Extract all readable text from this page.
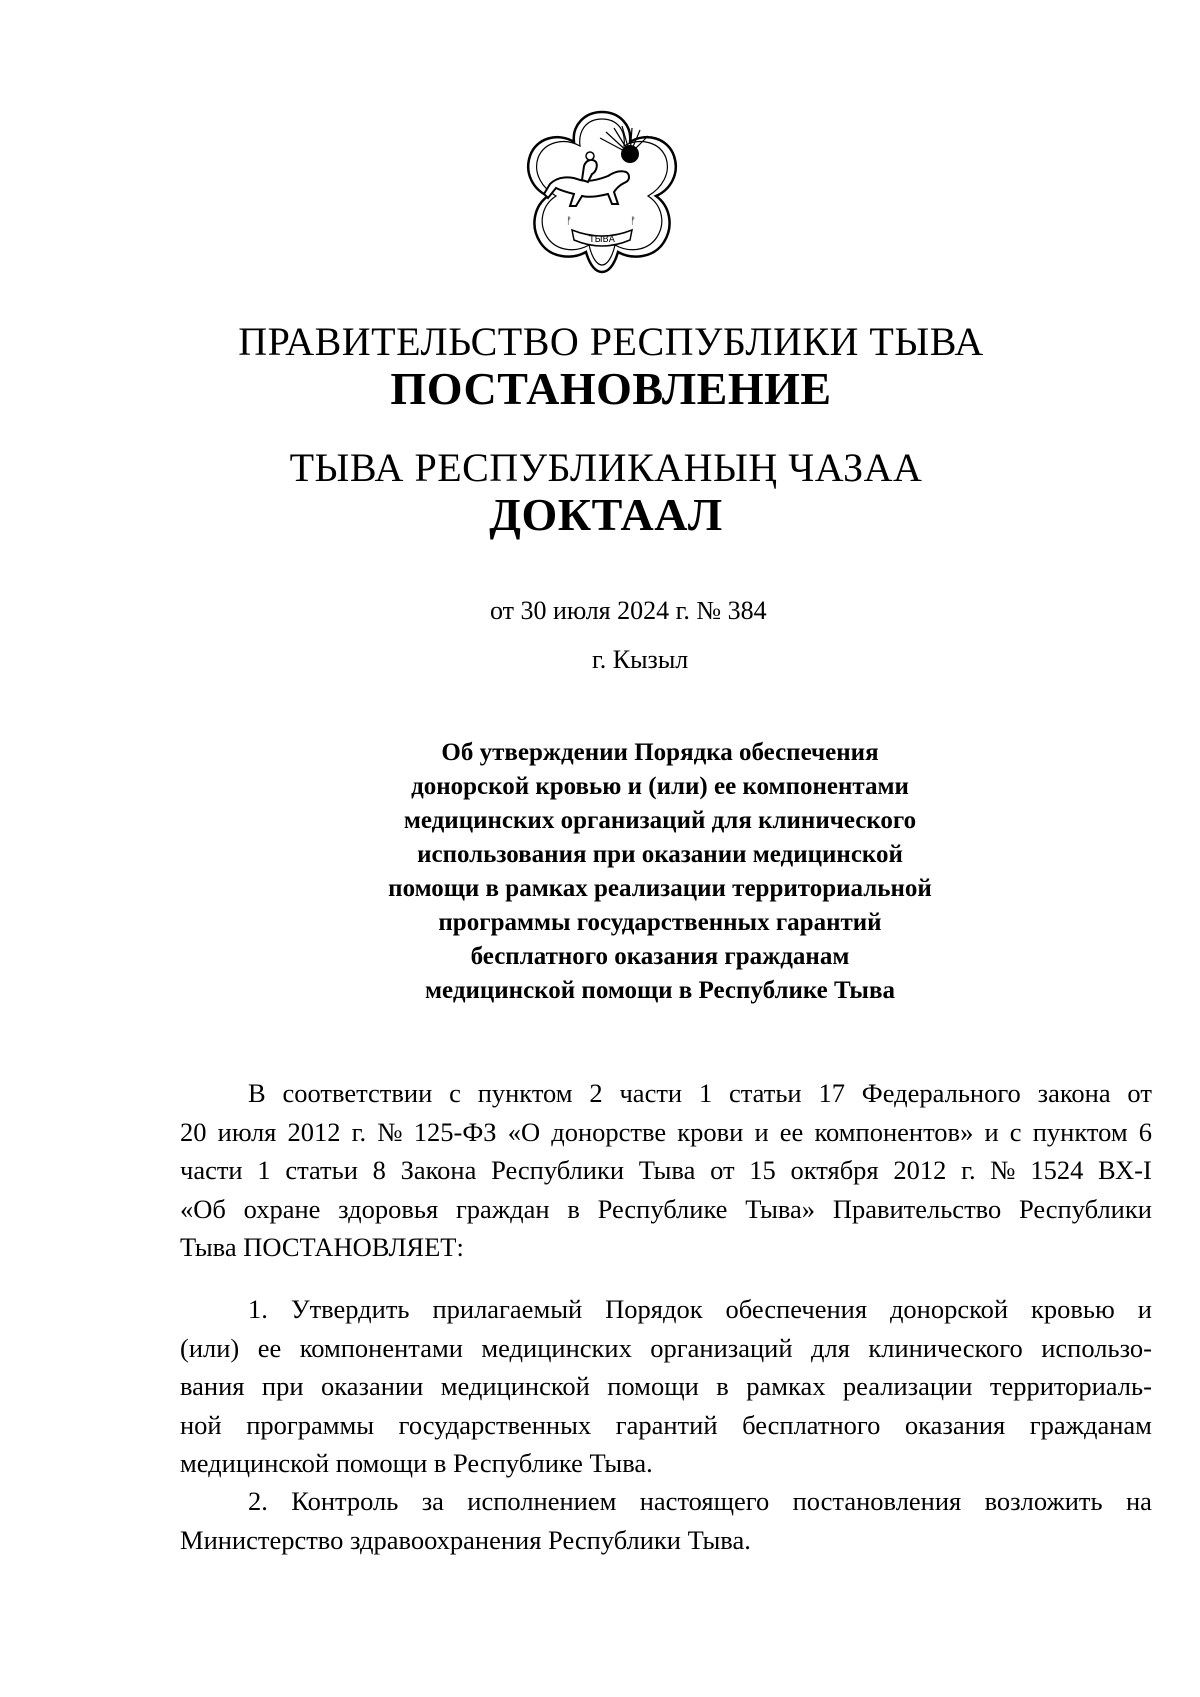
ᚠ	ᚠ
ТЫВА
ПРАВИТЕЛЬСТВО РЕСПУБЛИКИ ТЫВА
ПОСТАНОВЛЕНИЕ
ТЫВА РЕСПУБЛИКАНЫҢ ЧАЗАА
ДОКТААЛ
от 30 июля 2024 г. № 384
г. Кызыл
Об утверждении Порядка обеспечения
донорской кровью и (или) ее компонентами
медицинских организаций для клинического
использования при оказании медицинской
помощи в рамках реализации территориальной
программы государственных гарантий
бесплатного оказания гражданам
медицинской помощи в Республике Тыва
В соответствии с пунктом 2 части 1 статьи 17 Федерального закона от
20 июля 2012 г. № 125-ФЗ «О донорстве крови и ее компонентов» и с пунктом 6
части 1 статьи 8 Закона Республики Тыва от 15 октября 2012 г. № 1524 ВХ-I
«Об охране здоровья граждан в Республике Тыва» Правительство Республики
Тыва ПОСТАНОВЛЯЕТ:
1. Утвердить прилагаемый Порядок обеспечения донорской кровью и
(или) ее компонентами медицинских организаций для клинического использо-
вания при оказании медицинской помощи в рамках реализации территориаль-
ной программы государственных гарантий бесплатного оказания гражданам
медицинской помощи в Республике Тыва.
2. Контроль за исполнением настоящего постановления возложить на
Министерство здравоохранения Республики Тыва.
